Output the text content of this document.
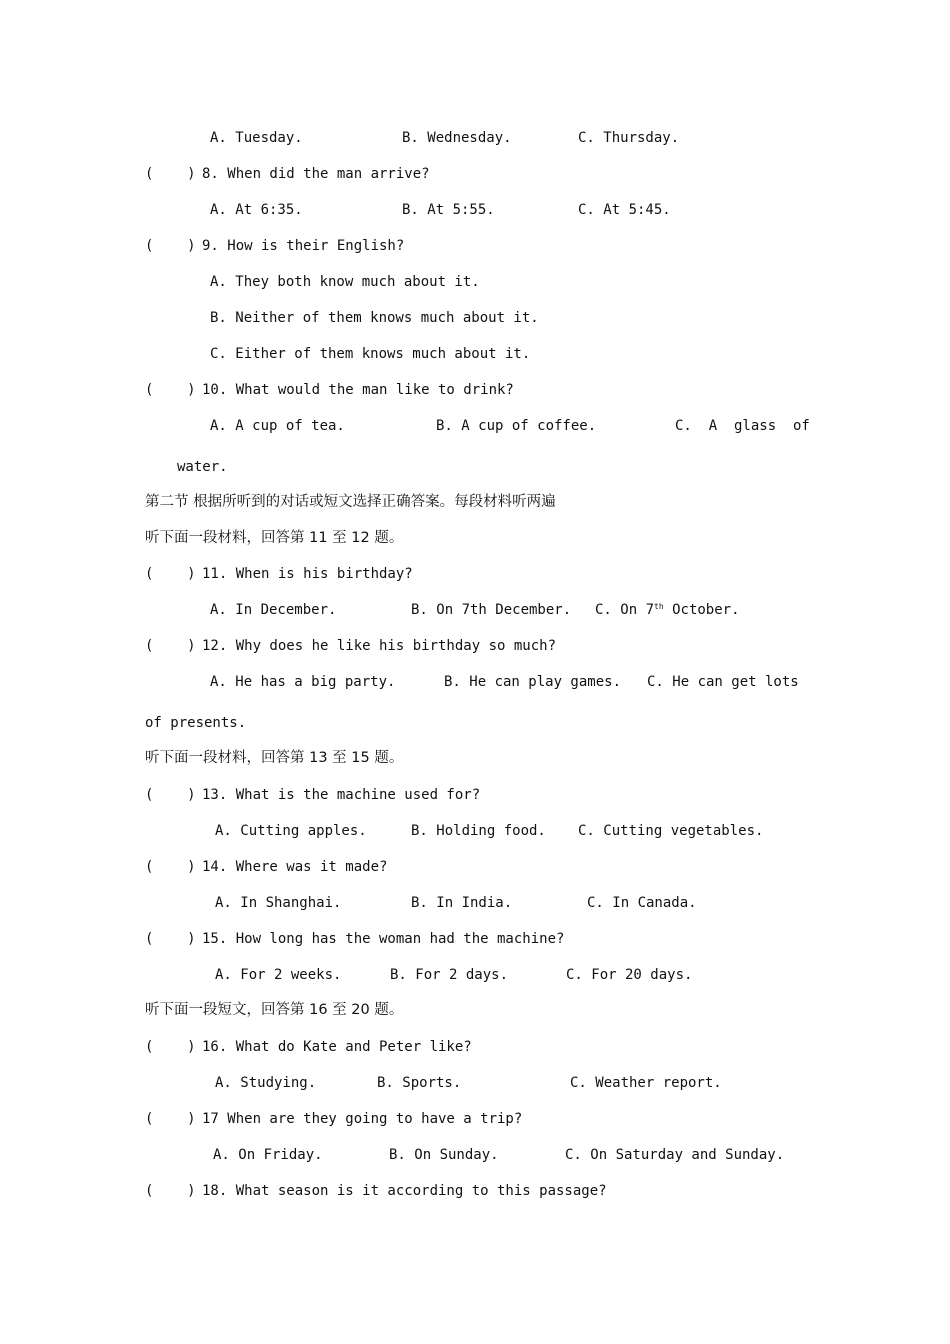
A. Tuesday.	B. Wednesday.	C. Thursday.
(    ) 8. When did the man arrive?
A. At 6:35.	B. At 5:55.	C. At 5:45.
(    ) 9. How is their English?
A. They both know much about it.
B. Neither of them knows much about it.
C. Either of them knows much about it.
(    ) 10. What would the man like to drink?
A. A cup of tea.	B. A cup of coffee.	C.  A  glass  of
water.
第二节 根据所听到的对话或短文选择正确答案。每段材料听两遍
听下面一段材料，回答第 11 至 12 题。
(    ) 11. When is his birthday?
A. In December.	B. On 7th December. C. On 7th October.
(    ) 12. Why does he like his birthday so much?
A. He has a big party.	B. He can play games. C. He can get lots
of presents.
听下面一段材料，回答第 13 至 15 题。
(    ) 13. What is the machine used for?
A. Cutting apples.	B. Holding food. C. Cutting vegetables.
(    ) 14. Where was it made?
A. In Shanghai.	B. In India.	C. In Canada.
(    ) 15. How long has the woman had the machine?
A. For 2 weeks.	B. For 2 days.	C. For 20 days.
听下面一段短文，回答第 16 至 20 题。
(    ) 16. What do Kate and Peter like?
A. Studying.	B. Sports.	C. Weather report.
(    ) 17 When are they going to have a trip?
A. On Friday.	B. On Sunday.	C. On Saturday and Sunday.
(    ) 18. What season is it according to this passage?
